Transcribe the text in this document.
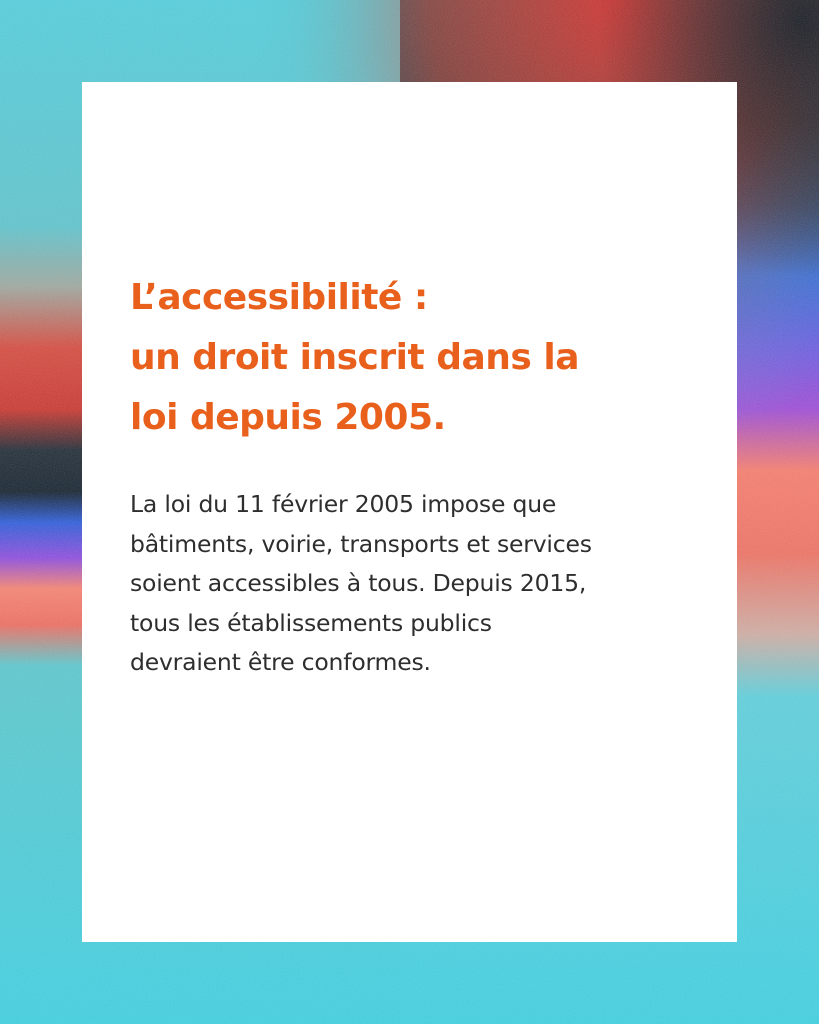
L’accessibilité :
un droit inscrit dans la
loi depuis 2005.

La loi du 11 février 2005 impose que
bâtiments, voirie, transports et services
soient accessibles à tous. Depuis 2015,
tous les établissements publics
devraient être conformes.
